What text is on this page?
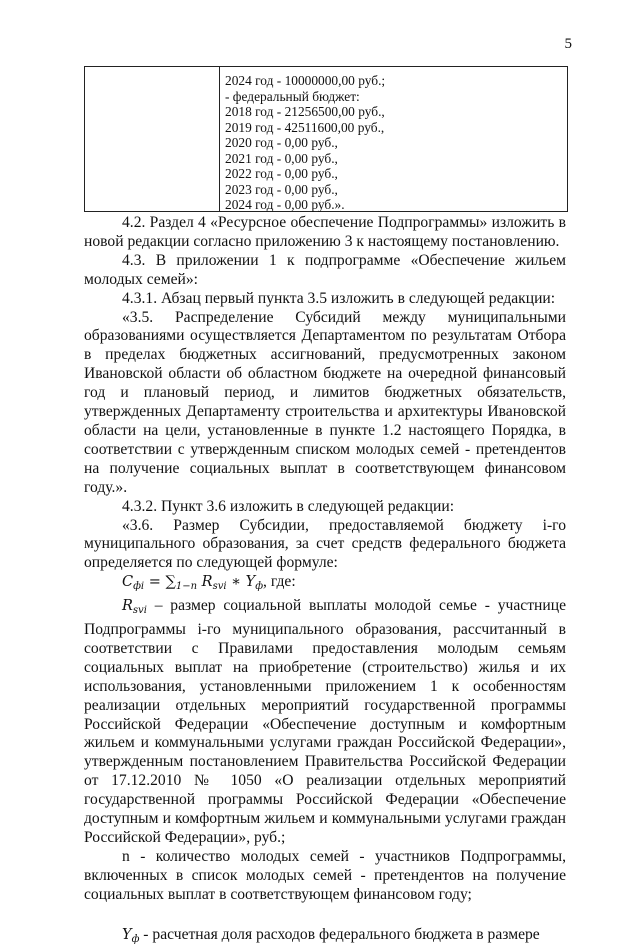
5
2024 год - 10000000,00 руб.;
- федеральный бюджет:
2018 год - 21256500,00 руб.,
2019 год - 42511600,00 руб.,
2020 год - 0,00 руб.,
2021 год - 0,00 руб.,
2022 год - 0,00 руб.,
2023 год - 0,00 руб.,
2024 год - 0,00 руб.».
4.2. Раздел 4 «Ресурсное обеспечение Подпрограммы» изложить в новой редакции согласно приложению 3 к настоящему постановлению.
4.3. В приложении 1 к подпрограмме «Обеспечение жильем молодых семей»:
4.3.1. Абзац первый пункта 3.5 изложить в следующей редакции:
«3.5. Распределение Субсидий между муниципальными образованиями осуществляется Департаментом по результатам Отбора в пределах бюджетных ассигнований, предусмотренных законом Ивановской области об областном бюджете на очередной финансовый год и плановый период, и лимитов бюджетных обязательств, утвержденных Департаменту строительства и архитектуры Ивановской области на цели, установленные в пункте 1.2 настоящего Порядка, в соответствии с утвержденным списком молодых семей - претендентов на получение социальных выплат в соответствующем финансовом году.».
4.3.2. Пункт 3.6 изложить в следующей редакции:
«3.6. Размер Субсидии, предоставляемой бюджету i-го муниципального образования, за счет средств федерального бюджета определяется по следующей формуле:
$C_{фi} = \sum_{1-n}$ $R_{svi}$ ∗ $Y_ф$, где:
$R_{svi}$ – размер социальной выплаты молодой семье - участнице Подпрограммы i-го муниципального образования, рассчитанный в соответствии с Правилами предоставления молодым семьям социальных выплат на приобретение (строительство) жилья и их использования, установленными приложением 1 к особенностям реализации отдельных мероприятий государственной программы Российской Федерации «Обеспечение доступным и комфортным жильем и коммунальными услугами граждан Российской Федерации», утвержденным постановлением Правительства Российской Федерации от 17.12.2010 № 1050 «О реализации отдельных мероприятий государственной программы Российской Федерации «Обеспечение доступным и комфортным жильем и коммунальными услугами граждан Российской Федерации», руб.;
n - количество молодых семей - участников Подпрограммы, включенных в список молодых семей - претендентов на получение социальных выплат в соответствующем финансовом году;
$Y_ф$ - расчетная доля расходов федерального бюджета в размере
